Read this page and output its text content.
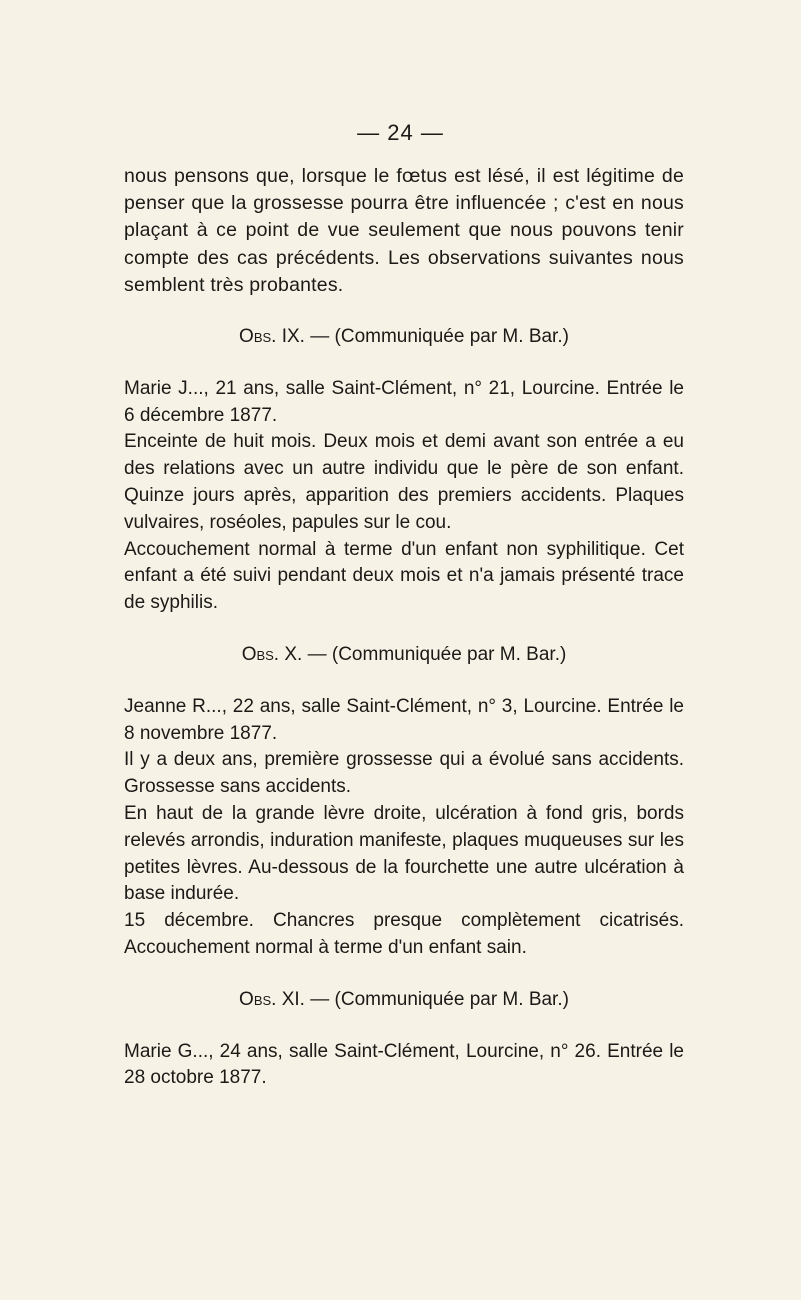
— 24 —

nous pensons que, lorsque le fœtus est lésé, il est légitime de penser que la grossesse pourra être influencée ; c'est en nous plaçant à ce point de vue seulement que nous pouvons tenir compte des cas précédents. Les observations suivantes nous semblent très probantes.

Obs. IX. — (Communiquée par M. Bar.)

Marie J..., 21 ans, salle Saint-Clément, n° 21, Lourcine. Entrée le 6 décembre 1877.

Enceinte de huit mois. Deux mois et demi avant son entrée a eu des relations avec un autre individu que le père de son enfant. Quinze jours après, apparition des premiers accidents. Plaques vulvaires, roséoles, papules sur le cou.

Accouchement normal à terme d'un enfant non syphilitique. Cet enfant a été suivi pendant deux mois et n'a jamais présenté trace de syphilis.

Obs. X. — (Communiquée par M. Bar.)

Jeanne R..., 22 ans, salle Saint-Clément, n° 3, Lourcine. Entrée le 8 novembre 1877.

Il y a deux ans, première grossesse qui a évolué sans accidents. Grossesse sans accidents.

En haut de la grande lèvre droite, ulcération à fond gris, bords relevés arrondis, induration manifeste, plaques muqueuses sur les petites lèvres. Au-dessous de la fourchette une autre ulcération à base indurée.

15 décembre. Chancres presque complètement cicatrisés. Accouchement normal à terme d'un enfant sain.

Obs. XI. — (Communiquée par M. Bar.)

Marie G..., 24 ans, salle Saint-Clément, Lourcine, n° 26. Entrée le 28 octobre 1877.
